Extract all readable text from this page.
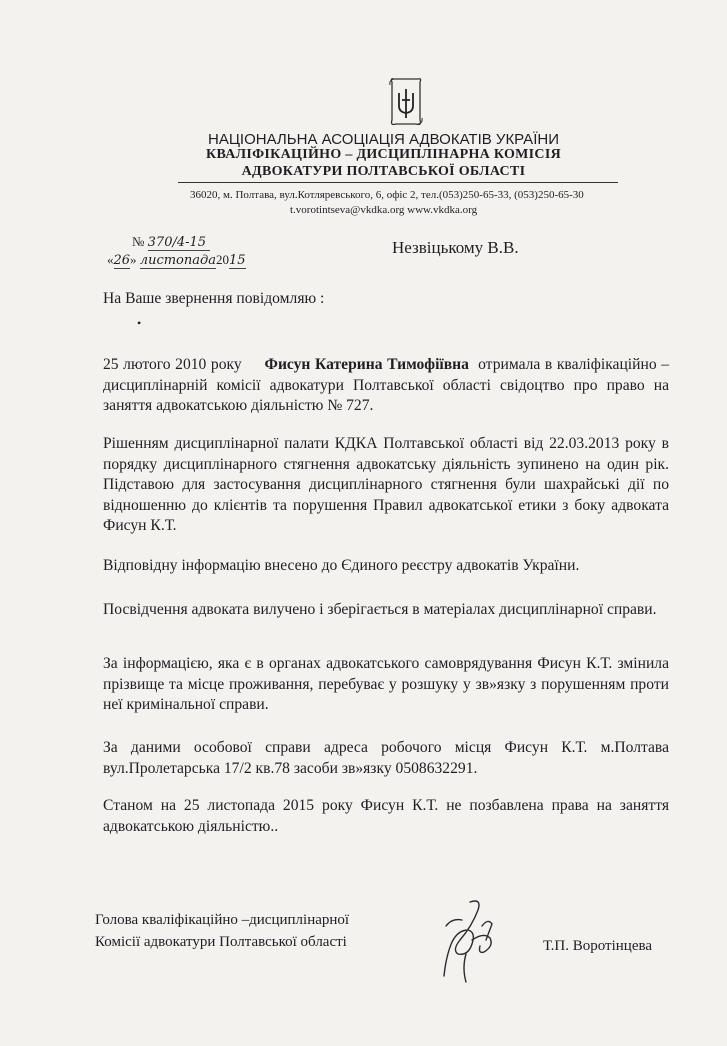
НАЦІОНАЛЬНА АСОЦІАЦІЯ АДВОКАТІВ УКРАЇНИ
КВАЛІФІКАЦІЙНО – ДИСЦИПЛІНАРНА КОМІСІЯ
АДВОКАТУРИ ПОЛТАВСЬКОЇ ОБЛАСТІ
36020, м. Полтава, вул.Котляревського, 6, офіс 2, тел.(053)250-65-33, (053)250-65-30
t.vorotintseva@vkdka.org www.vkdka.org
№ 370/4-15
«26» листопада2015
Незвіцькому В.В.
На Ваше звернення повідомляю :
•
25 лютого 2010 року Фисун Катерина Тимофіївна отримала в кваліфікаційно – дисциплінарній комісії адвокатури Полтавської області свідоцтво про право на заняття адвокатською діяльністю № 727.
Рішенням дисциплінарної палати КДКА Полтавської області від 22.03.2013 року в порядку дисциплінарного стягнення адвокатську діяльність зупинено на один рік. Підставою для застосування дисциплінарного стягнення були шахрайські дії по відношенню до клієнтів та порушення Правил адвокатської етики з боку адвоката Фисун К.Т.
Відповідну інформацію внесено до Єдиного реєстру адвокатів України.
Посвідчення адвоката вилучено і зберігається в матеріалах дисциплінарної справи.
За інформацією, яка є в органах адвокатського самоврядування Фисун К.Т. змінила прізвище та місце проживання, перебуває у розшуку у зв»язку з порушенням проти неї кримінальної справи.
За даними особової справи адреса робочого місця Фисун К.Т. м.Полтава вул.Пролетарська 17/2 кв.78 засоби зв»язку 0508632291.
Станом на 25 листопада 2015 року Фисун К.Т. не позбавлена права на заняття адвокатською діяльністю..
Голова кваліфікаційно –дисциплінарної
Комісії адвокатури Полтавської області	Т.П. Воротінцева
